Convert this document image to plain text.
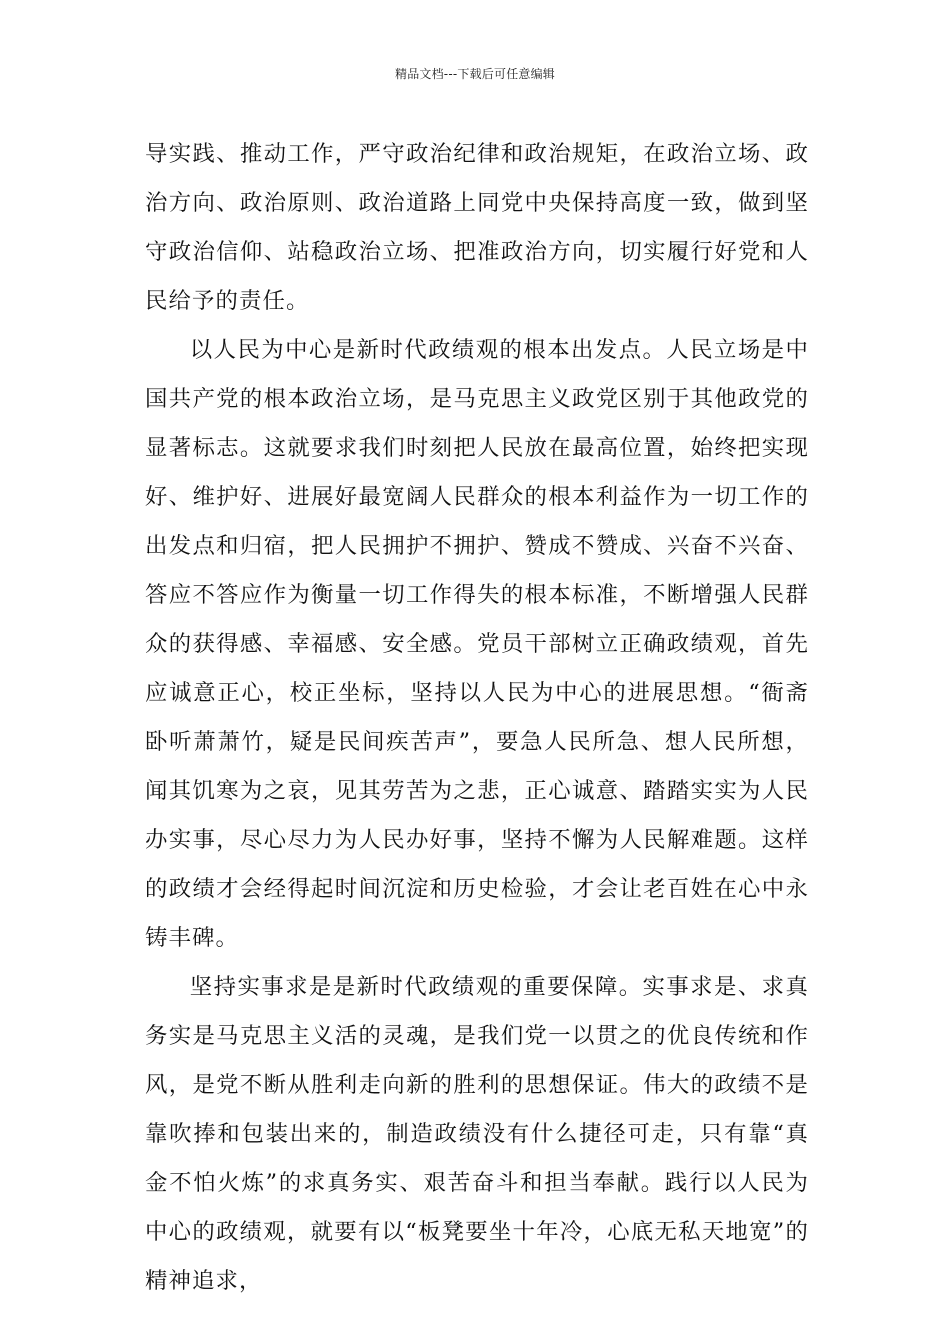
精品文档---下载后可任意编辑

导实践、推动工作，严守政治纪律和政治规矩，在政治立场、政治方向、政治原则、政治道路上同党中央保持高度一致，做到坚守政治信仰、站稳政治立场、把准政治方向，切实履行好党和人民给予的责任。

以人民为中心是新时代政绩观的根本出发点。人民立场是中国共产党的根本政治立场，是马克思主义政党区别于其他政党的显著标志。这就要求我们时刻把人民放在最高位置，始终把实现好、维护好、进展好最宽阔人民群众的根本利益作为一切工作的出发点和归宿，把人民拥护不拥护、赞成不赞成、兴奋不兴奋、答应不答应作为衡量一切工作得失的根本标准，不断增强人民群众的获得感、幸福感、安全感。党员干部树立正确政绩观，首先应诚意正心，校正坐标，坚持以人民为中心的进展思想。“衙斋卧听萧萧竹，疑是民间疾苦声”，要急人民所急、想人民所想，闻其饥寒为之哀，见其劳苦为之悲，正心诚意、踏踏实实为人民办实事，尽心尽力为人民办好事，坚持不懈为人民解难题。这样的政绩才会经得起时间沉淀和历史检验，才会让老百姓在心中永铸丰碑。

坚持实事求是是新时代政绩观的重要保障。实事求是、求真务实是马克思主义活的灵魂，是我们党一以贯之的优良传统和作风，是党不断从胜利走向新的胜利的思想保证。伟大的政绩不是靠吹捧和包装出来的，制造政绩没有什么捷径可走，只有靠“真金不怕火炼”的求真务实、艰苦奋斗和担当奉献。践行以人民为中心的政绩观，就要有以“板凳要坐十年冷，心底无私天地宽”的精神追求，
